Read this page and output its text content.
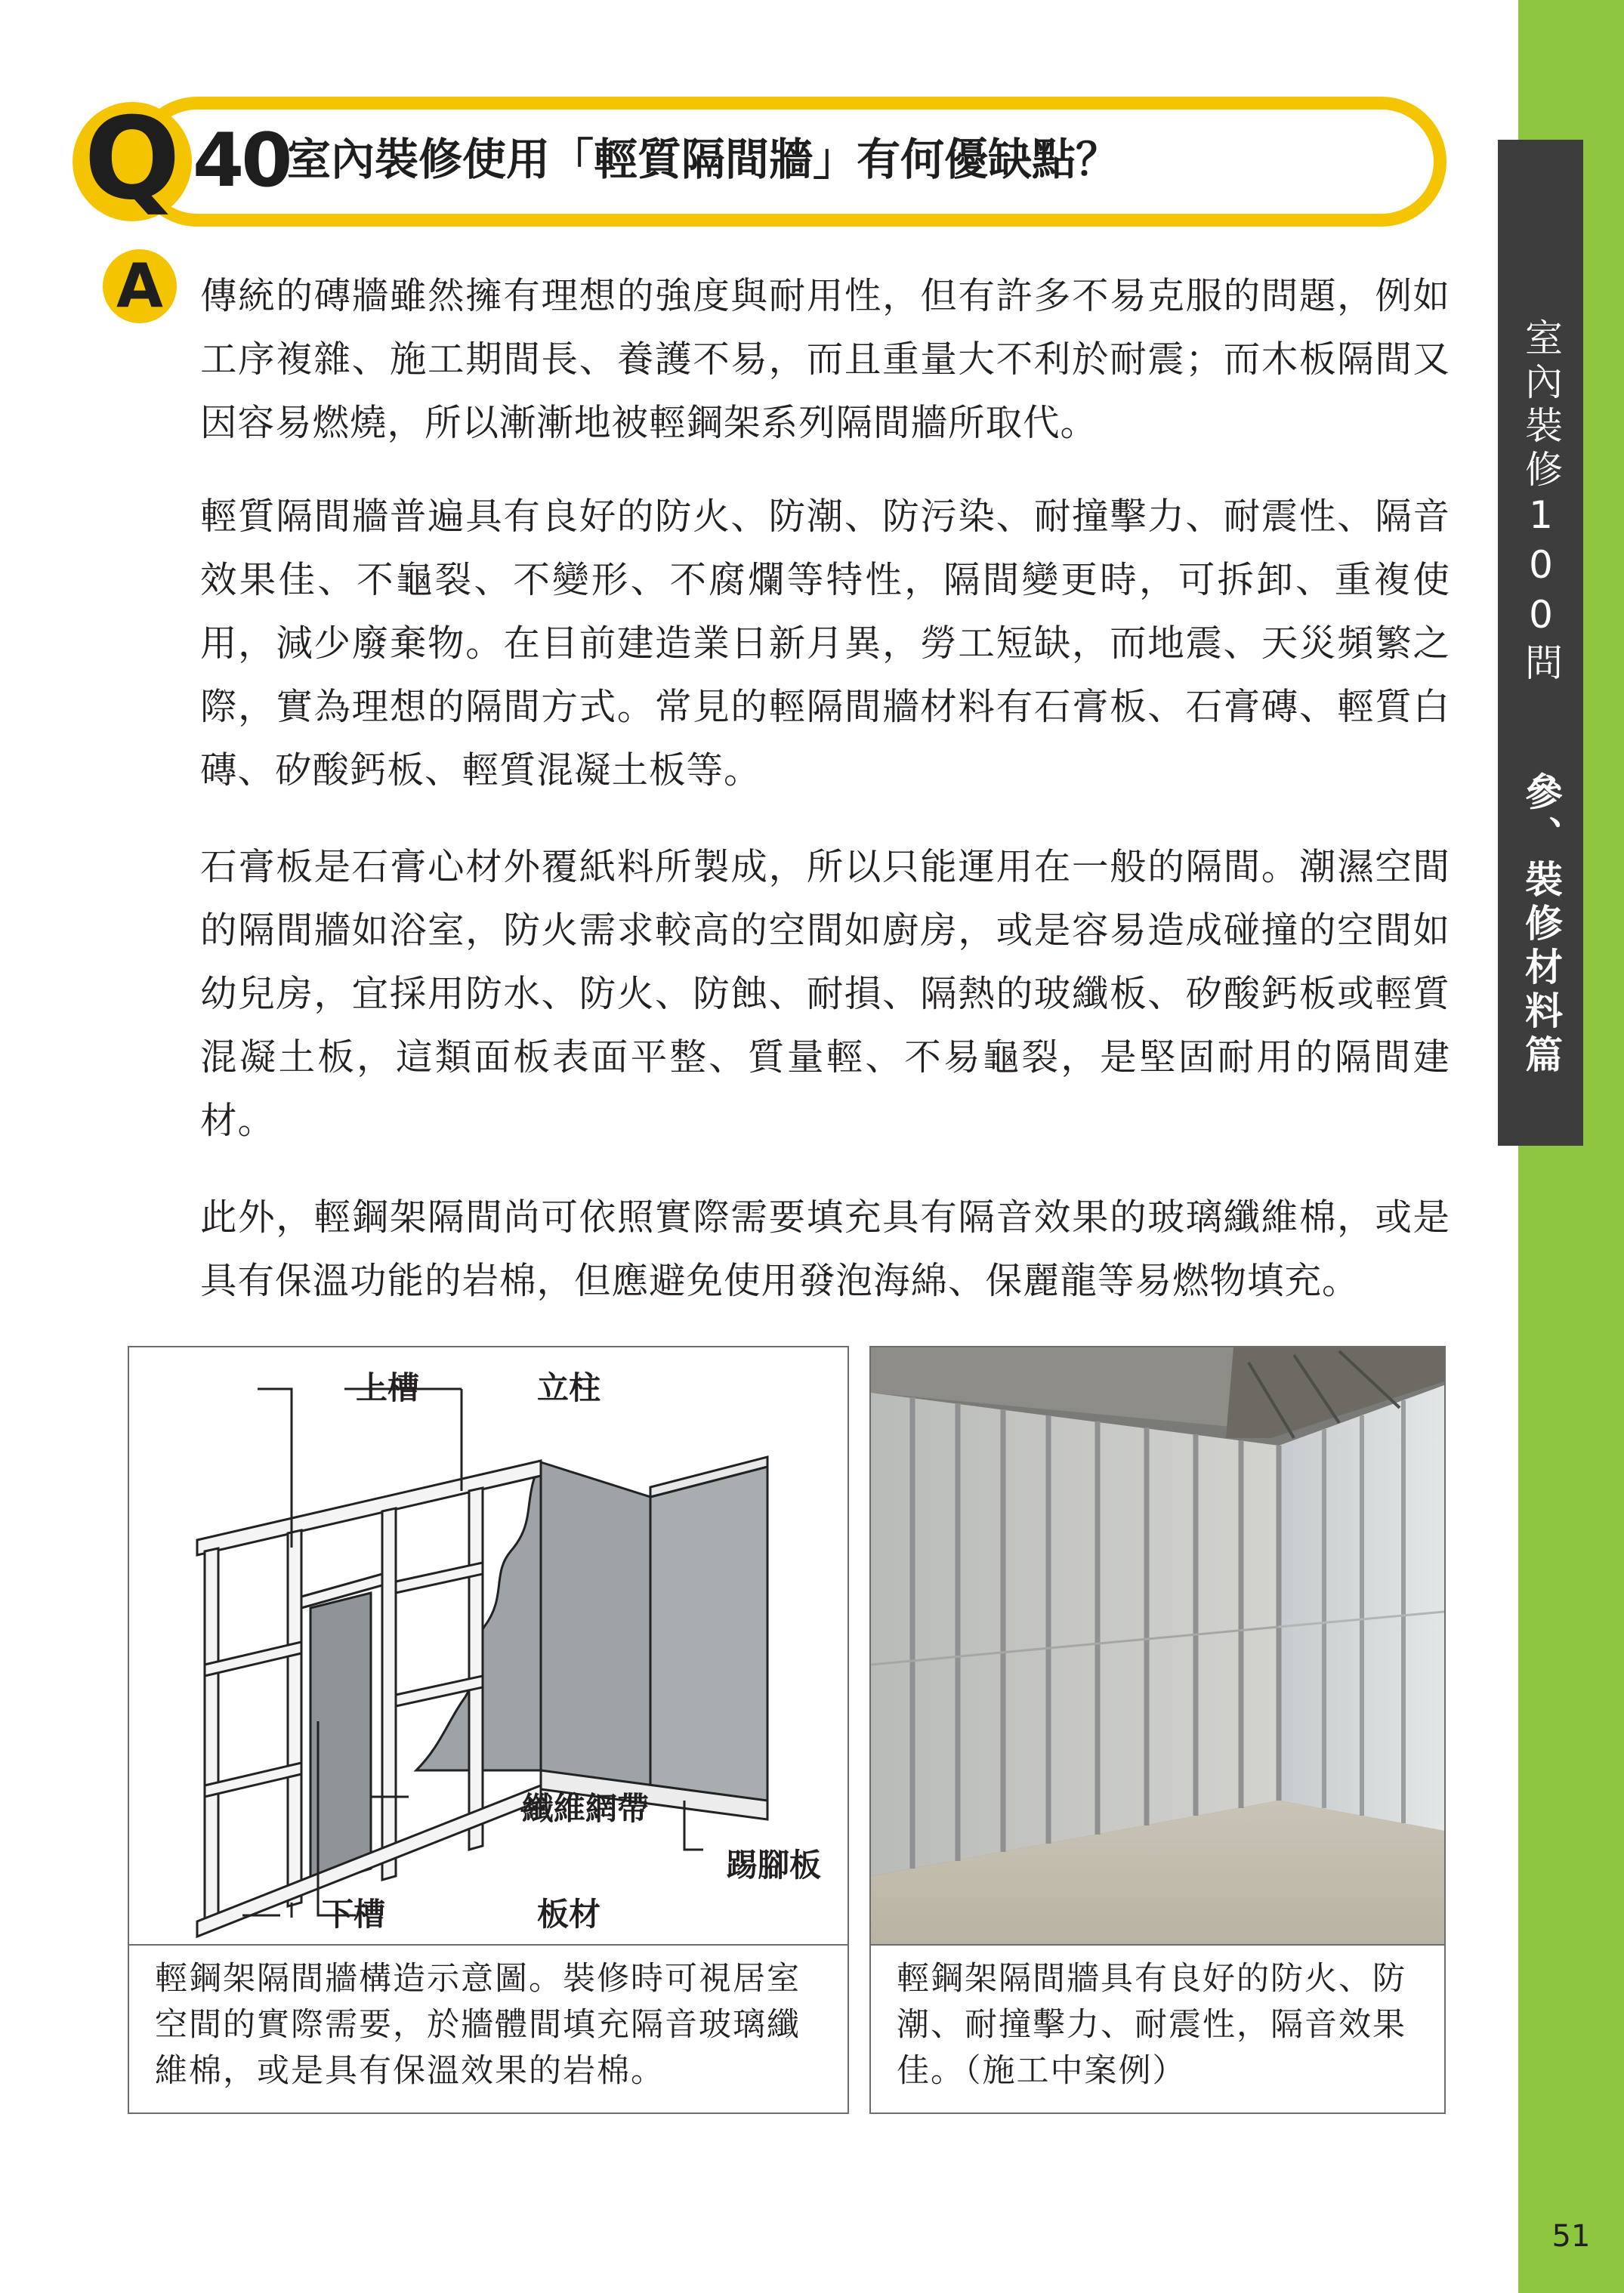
室內裝修100問
參、裝修材料篇
51
Q 40
室內裝修使用「輕質隔間牆」有何優缺點？
A 傳統的磚牆雖然擁有理想的強度與耐用性，但有許多不易克服的問題，例如工序複雜、施工期間長、養護不易，而且重量大不利於耐震；而木板隔間又因容易燃燒，所以漸漸地被輕鋼架系列隔間牆所取代。

輕質隔間牆普遍具有良好的防火、防潮、防污染、耐撞擊力、耐震性、隔音效果佳、不龜裂、不變形、不腐爛等特性，隔間變更時，可拆卸、重複使用，減少廢棄物。在目前建造業日新月異，勞工短缺，而地震、天災頻繁之際，實為理想的隔間方式。常見的輕隔間牆材料有石膏板、石膏磚、輕質白磚、矽酸鈣板、輕質混凝土板等。

石膏板是石膏心材外覆紙料所製成，所以只能運用在一般的隔間。潮濕空間的隔間牆如浴室，防火需求較高的空間如廚房，或是容易造成碰撞的空間如幼兒房，宜採用防水、防火、防蝕、耐損、隔熱的玻纖板、矽酸鈣板或輕質混凝土板，這類面板表面平整、質量輕、不易龜裂，是堅固耐用的隔間建材。

此外，輕鋼架隔間尚可依照實際需要填充具有隔音效果的玻璃纖維棉，或是具有保溫功能的岩棉，但應避免使用發泡海綿、保麗龍等易燃物填充。

上槽	立柱
纖維網帶
踢腳板
下槽	板材

輕鋼架隔間牆構造示意圖。裝修時可視居室空間的實際需要，於牆體間填充隔音玻璃纖維棉，或是具有保溫效果的岩棉。

輕鋼架隔間牆具有良好的防火、防潮、耐撞擊力、耐震性，隔音效果佳。（施工中案例）
